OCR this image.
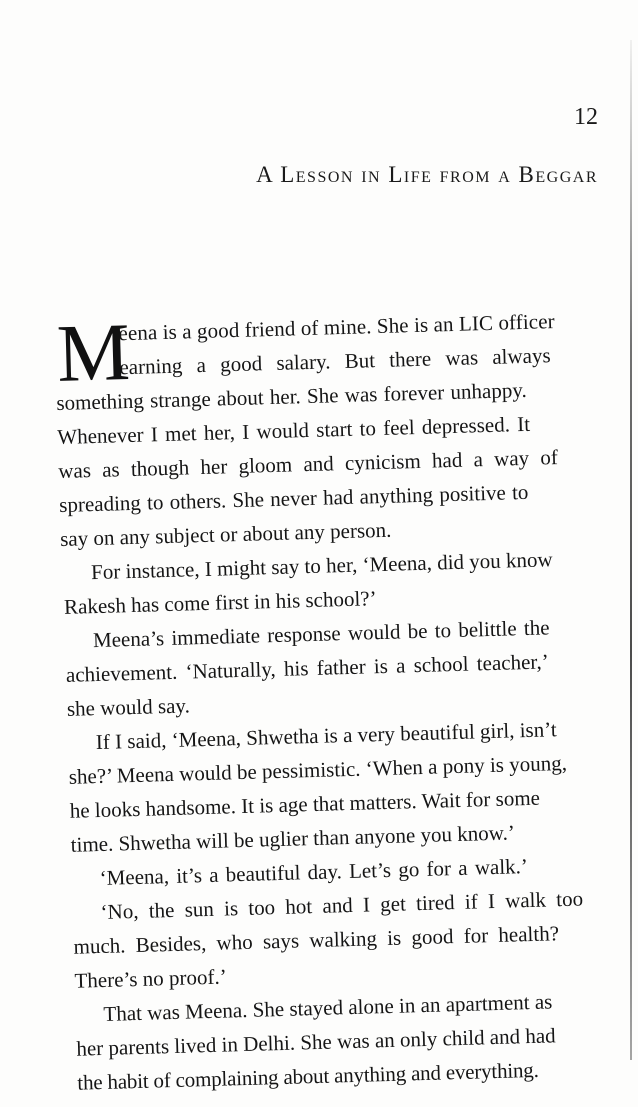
12
A Lesson in Life from a Beggar
M
eena is a good friend of mine. She is an LIC officer
earning a good salary. But there was always
something strange about her. She was forever unhappy.
Whenever I met her, I would start to feel depressed. It
was as though her gloom and cynicism had a way of
spreading to others. She never had anything positive to
say on any subject or about any person.
For instance, I might say to her, ‘Meena, did you know
Rakesh has come first in his school?’
Meena’s immediate response would be to belittle the
achievement. ‘Naturally, his father is a school teacher,’
she would say.
If I said, ‘Meena, Shwetha is a very beautiful girl, isn’t
she?’ Meena would be pessimistic. ‘When a pony is young,
he looks handsome. It is age that matters. Wait for some
time. Shwetha will be uglier than anyone you know.’
‘Meena, it’s a beautiful day. Let’s go for a walk.’
‘No, the sun is too hot and I get tired if I walk too
much. Besides, who says walking is good for health?
There’s no proof.’
That was Meena. She stayed alone in an apartment as
her parents lived in Delhi. She was an only child and had
the habit of complaining about anything and everything.
